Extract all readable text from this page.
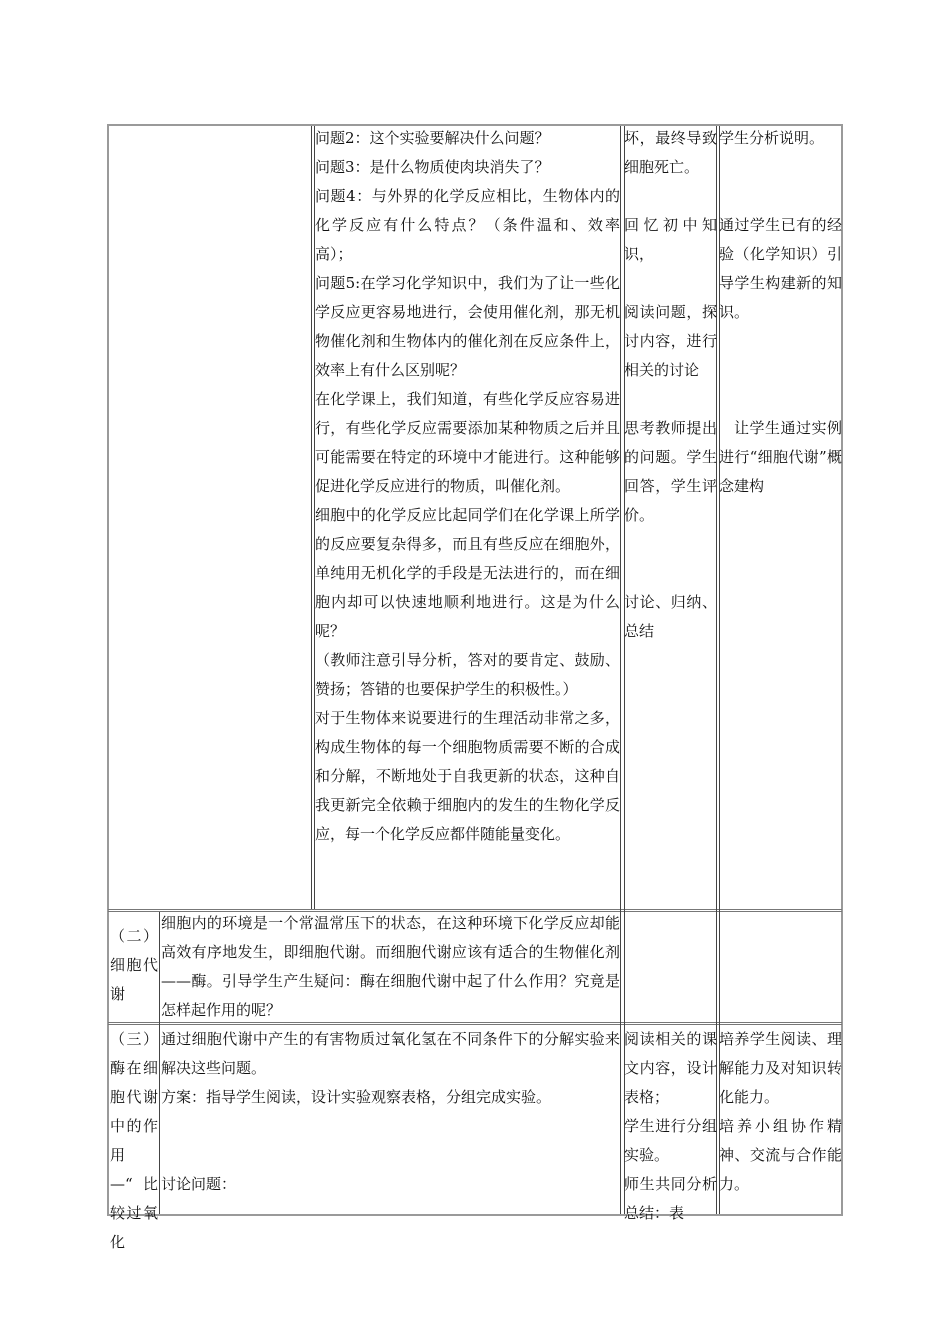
问题2：这个实验要解决什么问题？

问题3：是什么物质使肉块消失了？

问题4：与外界的化学反应相比，生物体内的化学反应有什么特点？（条件温和、效率高）；

问题5:在学习化学知识中，我们为了让一些化学反应更容易地进行，会使用催化剂，那无机物催化剂和生物体内的催化剂在反应条件上，效率上有什么区别呢？

在化学课上，我们知道，有些化学反应容易进行，有些化学反应需要添加某种物质之后并且可能需要在特定的环境中才能进行。这种能够促进化学反应进行的物质，叫催化剂。

细胞中的化学反应比起同学们在化学课上所学的反应要复杂得多，而且有些反应在细胞外，单纯用无机化学的手段是无法进行的，而在细胞内却可以快速地顺利地进行。这是为什么呢？

（教师注意引导分析，答对的要肯定、鼓励、赞扬；答错的也要保护学生的积极性。）

对于生物体来说要进行的生理活动非常之多，构成生物体的每一个细胞物质需要不断的合成和分解，不断地处于自我更新的状态，这种自我更新完全依赖于细胞内的发生的生物化学反应，每一个化学反应都伴随能量变化。

坏，最终导致细胞死亡。

回忆初中知识，

阅读问题，探讨内容，进行相关的讨论

思考教师提出的问题。学生回答，学生评价。

讨论、归纳、总结

学生分析说明。

通过学生已有的经验（化学知识）引导学生构建新的知识。

让学生通过实例进行“细胞代谢”概念建构

（二）细胞代谢

细胞内的环境是一个常温常压下的状态，在这种环境下化学反应却能高效有序地发生，即细胞代谢。而细胞代谢应该有适合的生物催化剂——酶。引导学生产生疑问：酶在细胞代谢中起了什么作用？究竟是怎样起作用的呢？

（三）酶在细胞代谢中的作用 —“比较过氧化

通过细胞代谢中产生的有害物质过氧化氢在不同条件下的分解实验来解决这些问题。

方案：指导学生阅读，设计实验观察表格，分组完成实验。

讨论问题：

阅读相关的课文内容，设计表格；

学生进行分组实验。

师生共同分析总结：表

培养学生阅读、理解能力及对知识转化能力。

培养小组协作精神、交流与合作能力。
